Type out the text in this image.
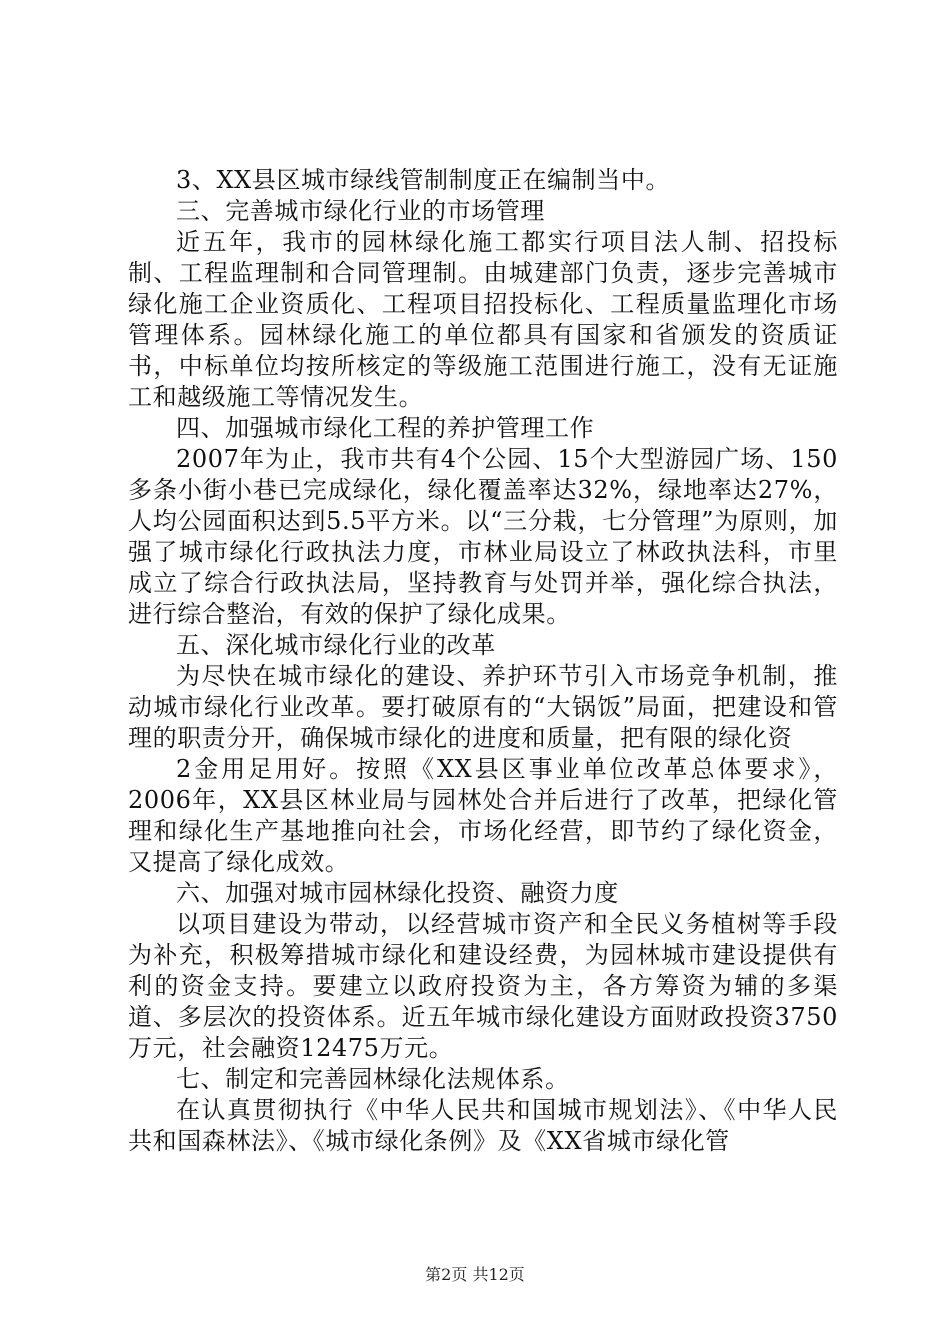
3、XX县区城市绿线管制制度正在编制当中。

三、完善城市绿化行业的市场管理

近五年，我市的园林绿化施工都实行项目法人制、招投标制、工程监理制和合同管理制。由城建部门负责，逐步完善城市绿化施工企业资质化、工程项目招投标化、工程质量监理化市场管理体系。园林绿化施工的单位都具有国家和省颁发的资质证书，中标单位均按所核定的等级施工范围进行施工，没有无证施工和越级施工等情况发生。

四、加强城市绿化工程的养护管理工作

2007年为止，我市共有4个公园、15个大型游园广场、150多条小街小巷已完成绿化，绿化覆盖率达32%，绿地率达27%，人均公园面积达到5.5平方米。以“三分栽，七分管理”为原则，加强了城市绿化行政执法力度，市林业局设立了林政执法科，市里成立了综合行政执法局，坚持教育与处罚并举，强化综合执法，进行综合整治，有效的保护了绿化成果。

五、深化城市绿化行业的改革

为尽快在城市绿化的建设、养护环节引入市场竞争机制，推动城市绿化行业改革。要打破原有的“大锅饭”局面，把建设和管理的职责分开，确保城市绿化的进度和质量，把有限的绿化资

2金用足用好。按照《XX县区事业单位改革总体要求》，2006年，XX县区林业局与园林处合并后进行了改革，把绿化管理和绿化生产基地推向社会，市场化经营，即节约了绿化资金，又提高了绿化成效。

六、加强对城市园林绿化投资、融资力度

以项目建设为带动，以经营城市资产和全民义务植树等手段为补充，积极筹措城市绿化和建设经费，为园林城市建设提供有利的资金支持。要建立以政府投资为主，各方筹资为辅的多渠道、多层次的投资体系。近五年城市绿化建设方面财政投资3750万元，社会融资12475万元。

七、制定和完善园林绿化法规体系。

在认真贯彻执行《中华人民共和国城市规划法》、《中华人民共和国森林法》、《城市绿化条例》及《XX省城市绿化管

第2页 共12页
